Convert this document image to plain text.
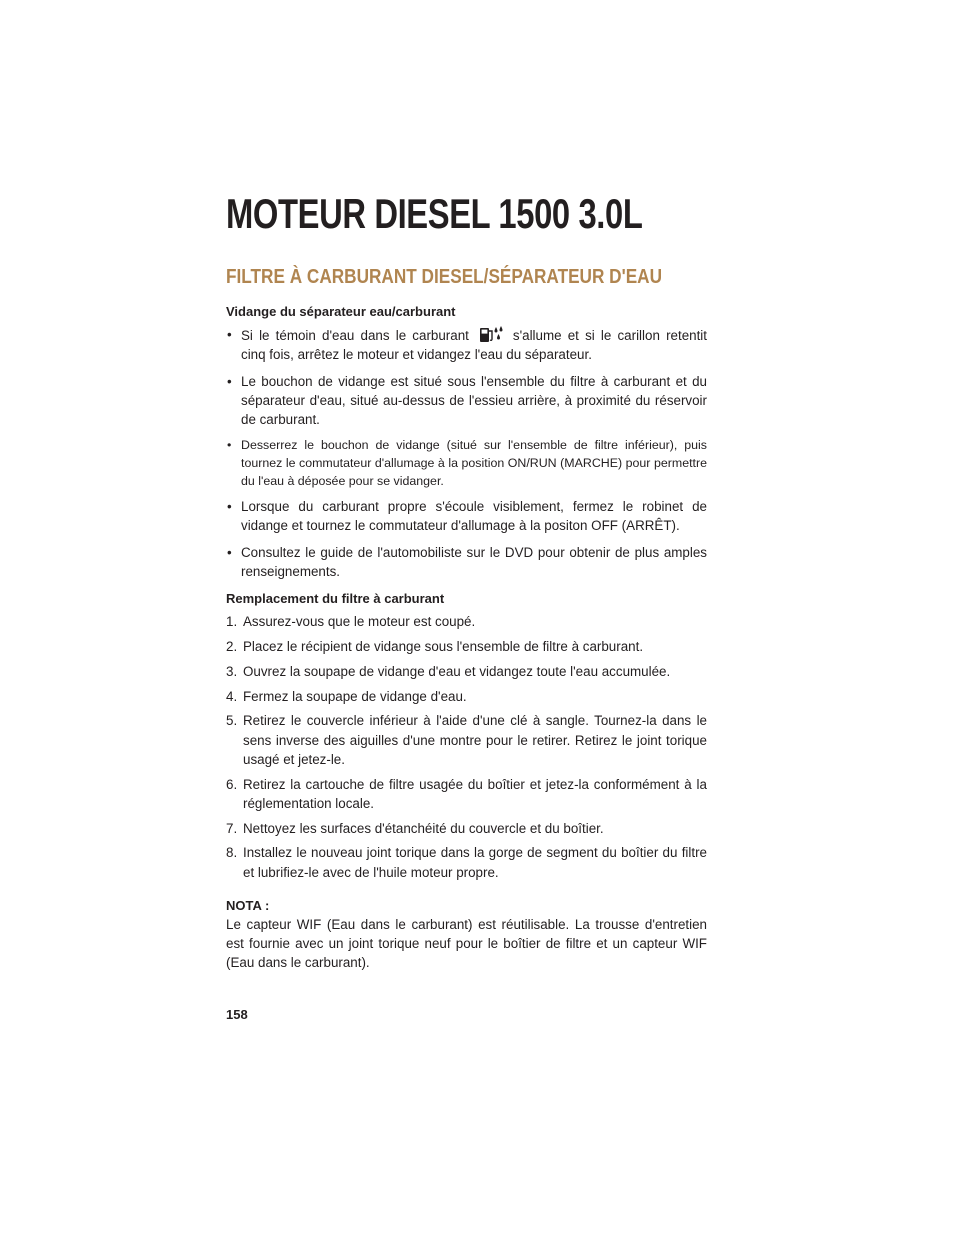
MOTEUR DIESEL 1500 3.0L
FILTRE À CARBURANT DIESEL/SÉPARATEUR D'EAU
Vidange du séparateur eau/carburant
• Si le témoin d'eau dans le carburant	s'allume et si le carillon retentit cinq fois, arrêtez le moteur et vidangez l'eau du séparateur.
• Le bouchon de vidange est situé sous l'ensemble du filtre à carburant et du séparateur d'eau, situé au-dessus de l'essieu arrière, à proximité du réservoir de carburant.
• Desserrez le bouchon de vidange (situé sur l'ensemble de filtre inférieur), puis tournez le commutateur d'allumage à la position ON/RUN (MARCHE) pour permettre du l'eau à déposée pour se vidanger.
• Lorsque du carburant propre s'écoule visiblement, fermez le robinet de vidange et tournez le commutateur d'allumage à la positon OFF (ARRÊT).
• Consultez le guide de l'automobiliste sur le DVD pour obtenir de plus amples renseignements.
Remplacement du filtre à carburant
1. Assurez-vous que le moteur est coupé.
2. Placez le récipient de vidange sous l'ensemble de filtre à carburant.
3. Ouvrez la soupape de vidange d'eau et vidangez toute l'eau accumulée.
4. Fermez la soupape de vidange d'eau.
5. Retirez le couvercle inférieur à l'aide d'une clé à sangle. Tournez-la dans le sens inverse des aiguilles d'une montre pour le retirer. Retirez le joint torique usagé et jetez-le.
6. Retirez la cartouche de filtre usagée du boîtier et jetez-la conformément à la réglementation locale.
7. Nettoyez les surfaces d'étanchéité du couvercle et du boîtier.
8. Installez le nouveau joint torique dans la gorge de segment du boîtier du filtre et lubrifiez-le avec de l'huile moteur propre.
NOTA :
Le capteur WIF (Eau dans le carburant) est réutilisable. La trousse d'entretien est fournie avec un joint torique neuf pour le boîtier de filtre et un capteur WIF (Eau dans le carburant).
158
